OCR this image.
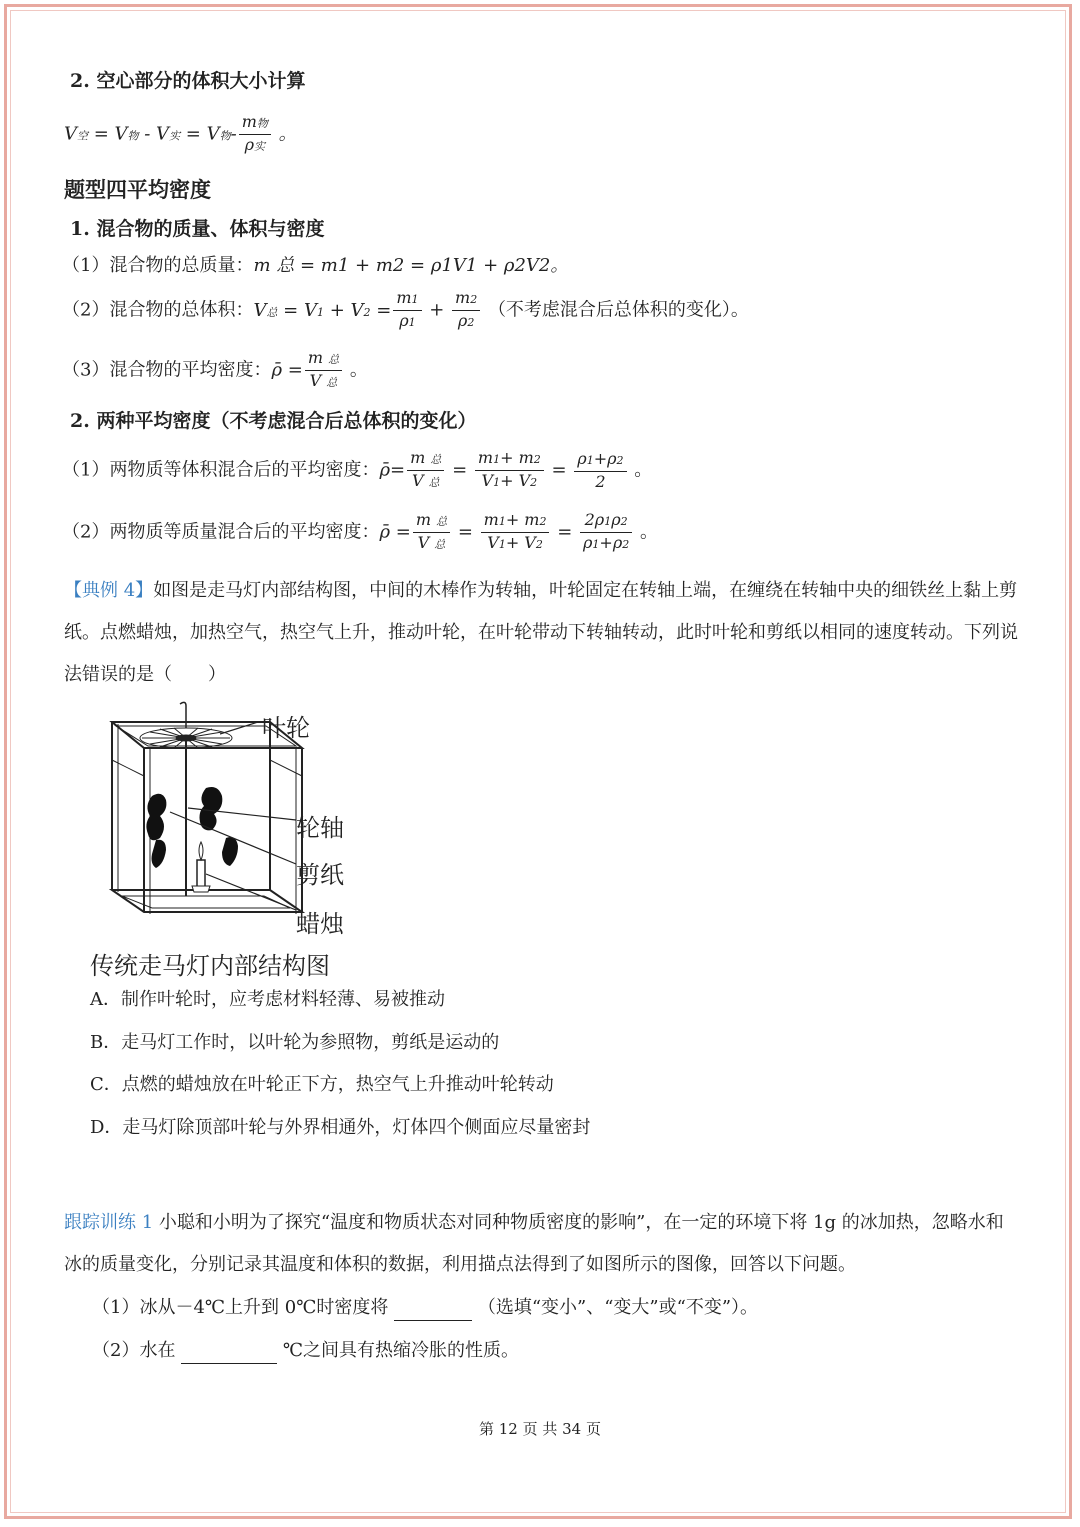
2. 空心部分的体积大小计算
V空 = V物 - V实 = V物- $\frac{\text{m物}}{\text{ρ实}}$ 。
题型四平均密度
1. 混合物的质量、体积与密度
（1）混合物的总质量：m 总 = m1 + m2 = ρ1V1 + ρ2V2。
（2）混合物的总体积：V总 = $V1 + V2 = \frac{m1}{\rho 1} + \frac{m2}{\rho 2}$ （不考虑混合后总体积的变化）。
（3）混合物的平均密度：ρ̄ = $\frac{\text{m 总}}{\text{V 总}}$ 。
2. 两种平均密度（不考虑混合后总体积的变化）
（1）两物质等体积混合后的平均密度：ρ̄= $\frac{\text{m 总}}{\text{V 总}} = \frac{m1+ m2}{V1+ V2} = \frac{\rho 1+\rho 2}{2}$ 。
（2）两物质等质量混合后的平均密度：ρ̄ = $\frac{\text{m 总}}{\text{V 总}} = \frac{m1+ m2}{V1+ V2} = \frac{2\rho 1\rho 2}{\rho 1+\rho 2}$ 。
【典例 4】如图是走马灯内部结构图，中间的木棒作为转轴，叶轮固定在转轴上端，在缠绕在转轴中央的细铁丝上黏上剪纸。点燃蜡烛，加热空气，热空气上升，推动叶轮，在叶轮带动下转轴转动，此时叶轮和剪纸以相同的速度转动。下列说法错误的是（　　）
叶轮
轮轴
剪纸
蜡烛
传统走马灯内部结构图
A．制作叶轮时，应考虑材料轻薄、易被推动
B．走马灯工作时，以叶轮为参照物，剪纸是运动的
C．点燃的蜡烛放在叶轮正下方，热空气上升推动叶轮转动
D．走马灯除顶部叶轮与外界相通外，灯体四个侧面应尽量密封
跟踪训练 1 小聪和小明为了探究“温度和物质状态对同种物质密度的影响”，在一定的环境下将 1g 的冰加热，忽略水和冰的质量变化，分别记录其温度和体积的数据，利用描点法得到了如图所示的图像，回答以下问题。
（1）冰从－4℃上升到 0℃时密度将	（选填“变小”、“变大”或“不变”）。
（2）水在	℃之间具有热缩冷胀的性质。
第 12 页 共 34 页
